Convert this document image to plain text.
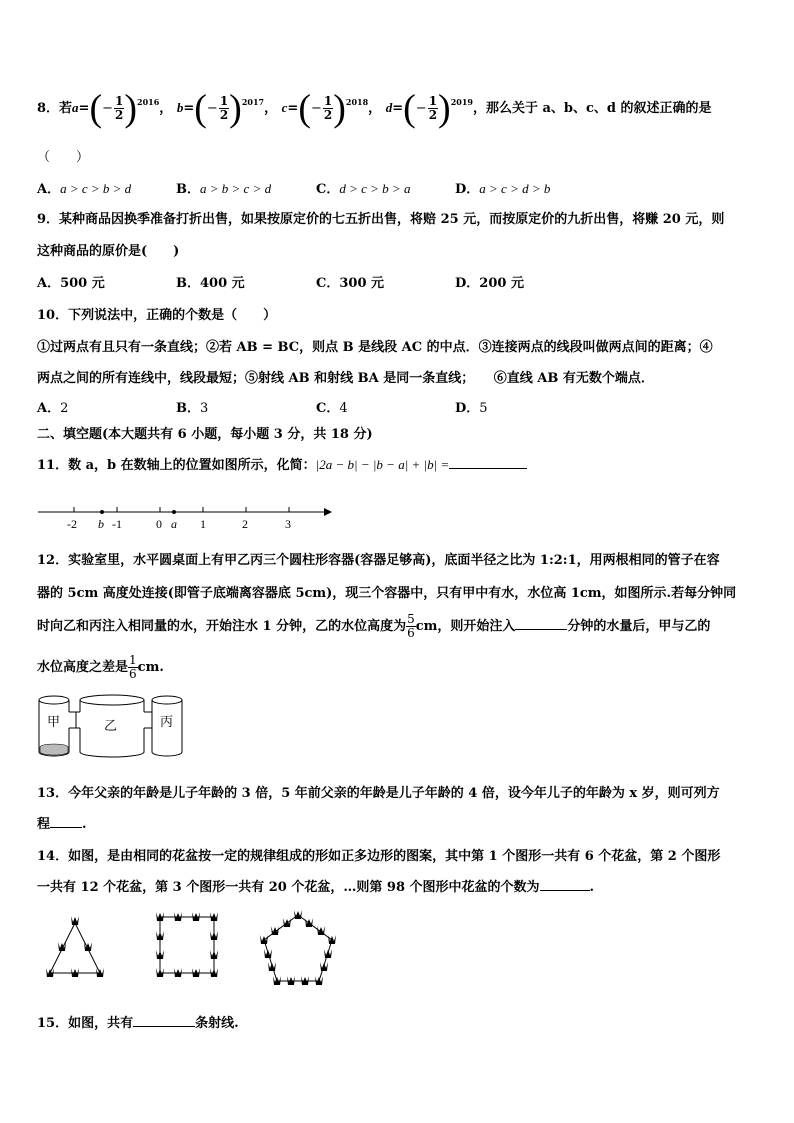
8．若$a=(- \frac{1}{2} )^{2016}$， $b=(- \frac{1}{2} )^{2017}$， $c=(- \frac{1}{2} )^{2018}$， $d=(- \frac{1}{2} )^{2019}$，那么关于 a、b、c、d 的叙述正确的是
（　　）
A．a > c > b > d	B．a > b > c > d	C．d > c > b > a	D．a > c > d > b
9．某种商品因换季准备打折出售，如果按原定价的七五折出售，将赔 25 元，而按原定价的九折出售，将赚 20 元，则
这种商品的原价是(　　)
A．500 元	B．400 元	C．300 元	D．200 元
10．下列说法中，正确的个数是（　　）
①过两点有且只有一条直线；②若 AB = BC，则点 B 是线段 AC 的中点．③连接两点的线段叫做两点间的距离；④
两点之间的所有连线中，线段最短；⑤射线 AB 和射线 BA 是同一条直线；　　⑥直线 AB 有无数个端点．
A．2	B．3	C．4	D．5
二、填空题(本大题共有 6 小题，每小题 3 分，共 18 分)
11．数 a，b 在数轴上的位置如图所示，化简：|2a − b| − |b − a| + |b| =
-2 b -1	0 a 1	2	3
12．实验室里，水平圆桌面上有甲乙丙三个圆柱形容器(容器足够高)，底面半径之比为 1:2:1，用两根相同的管子在容
器的 5cm 高度处连接(即管子底端离容器底 5cm)，现三个容器中，只有甲中有水，水位高 1cm，如图所示.若每分钟同
时向乙和丙注入相同量的水，开始注水 1 分钟，乙的水位高度为 $\frac{5}{6}$ cm，则开始注入	分钟的水量后，甲与乙的
水位高度之差是 $\frac{1}{6}$ cm.
甲	乙	丙
13．今年父亲的年龄是儿子年龄的 3 倍，5 年前父亲的年龄是儿子年龄的 4 倍，设今年儿子的年龄为 x 岁，则可列方
程 .
14．如图，是由相同的花盆按一定的规律组成的形如正多边形的图案，其中第 1 个图形一共有 6 个花盆，第 2 个图形
一共有 12 个花盆，第 3 个图形一共有 20 个花盆，…则第 98 个图形中花盆的个数为	.
15．如图，共有	条射线.
